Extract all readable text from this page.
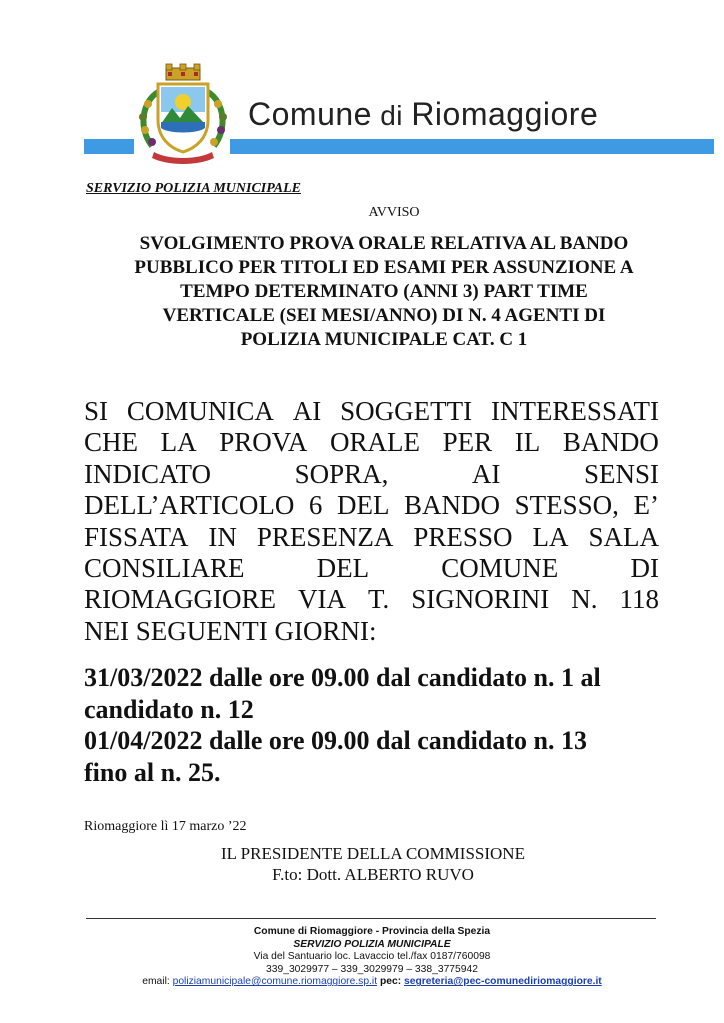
Comune di Riomaggiore
SERVIZIO POLIZIA MUNICIPALE
AVVISO
SVOLGIMENTO PROVA ORALE RELATIVA AL BANDO
PUBBLICO PER TITOLI ED ESAMI PER ASSUNZIONE A
TEMPO DETERMINATO (ANNI 3) PART TIME
VERTICALE (SEI MESI/ANNO) DI N. 4 AGENTI DI
POLIZIA MUNICIPALE CAT. C 1
SI COMUNICA AI SOGGETTI INTERESSATI
CHE LA PROVA ORALE PER IL BANDO
INDICATO	SOPRA,	AI	SENSI
DELL’ARTICOLO 6 DEL BANDO STESSO, E’
FISSATA IN PRESENZA PRESSO LA SALA
CONSILIARE	DEL	COMUNE	DI
RIOMAGGIORE VIA T. SIGNORINI N. 118
NEI SEGUENTI GIORNI:
31/03/2022 dalle ore 09.00 dal candidato n. 1 al
candidato n. 12
01/04/2022 dalle ore 09.00 dal candidato n. 13
fino al n. 25.
Riomaggiore lì 17 marzo ’22
IL PRESIDENTE DELLA COMMISSIONE
F.to: Dott. ALBERTO RUVO
Comune di Riomaggiore - Provincia della Spezia
SERVIZIO POLIZIA MUNICIPALE
Via del Santuario loc. Lavaccio tel./fax 0187/760098
339_3029977 – 339_3029979 – 338_3775942
email: poliziamunicipale@comune.riomaggiore.sp.it pec: segreteria@pec-comunediriomaggiore.it
